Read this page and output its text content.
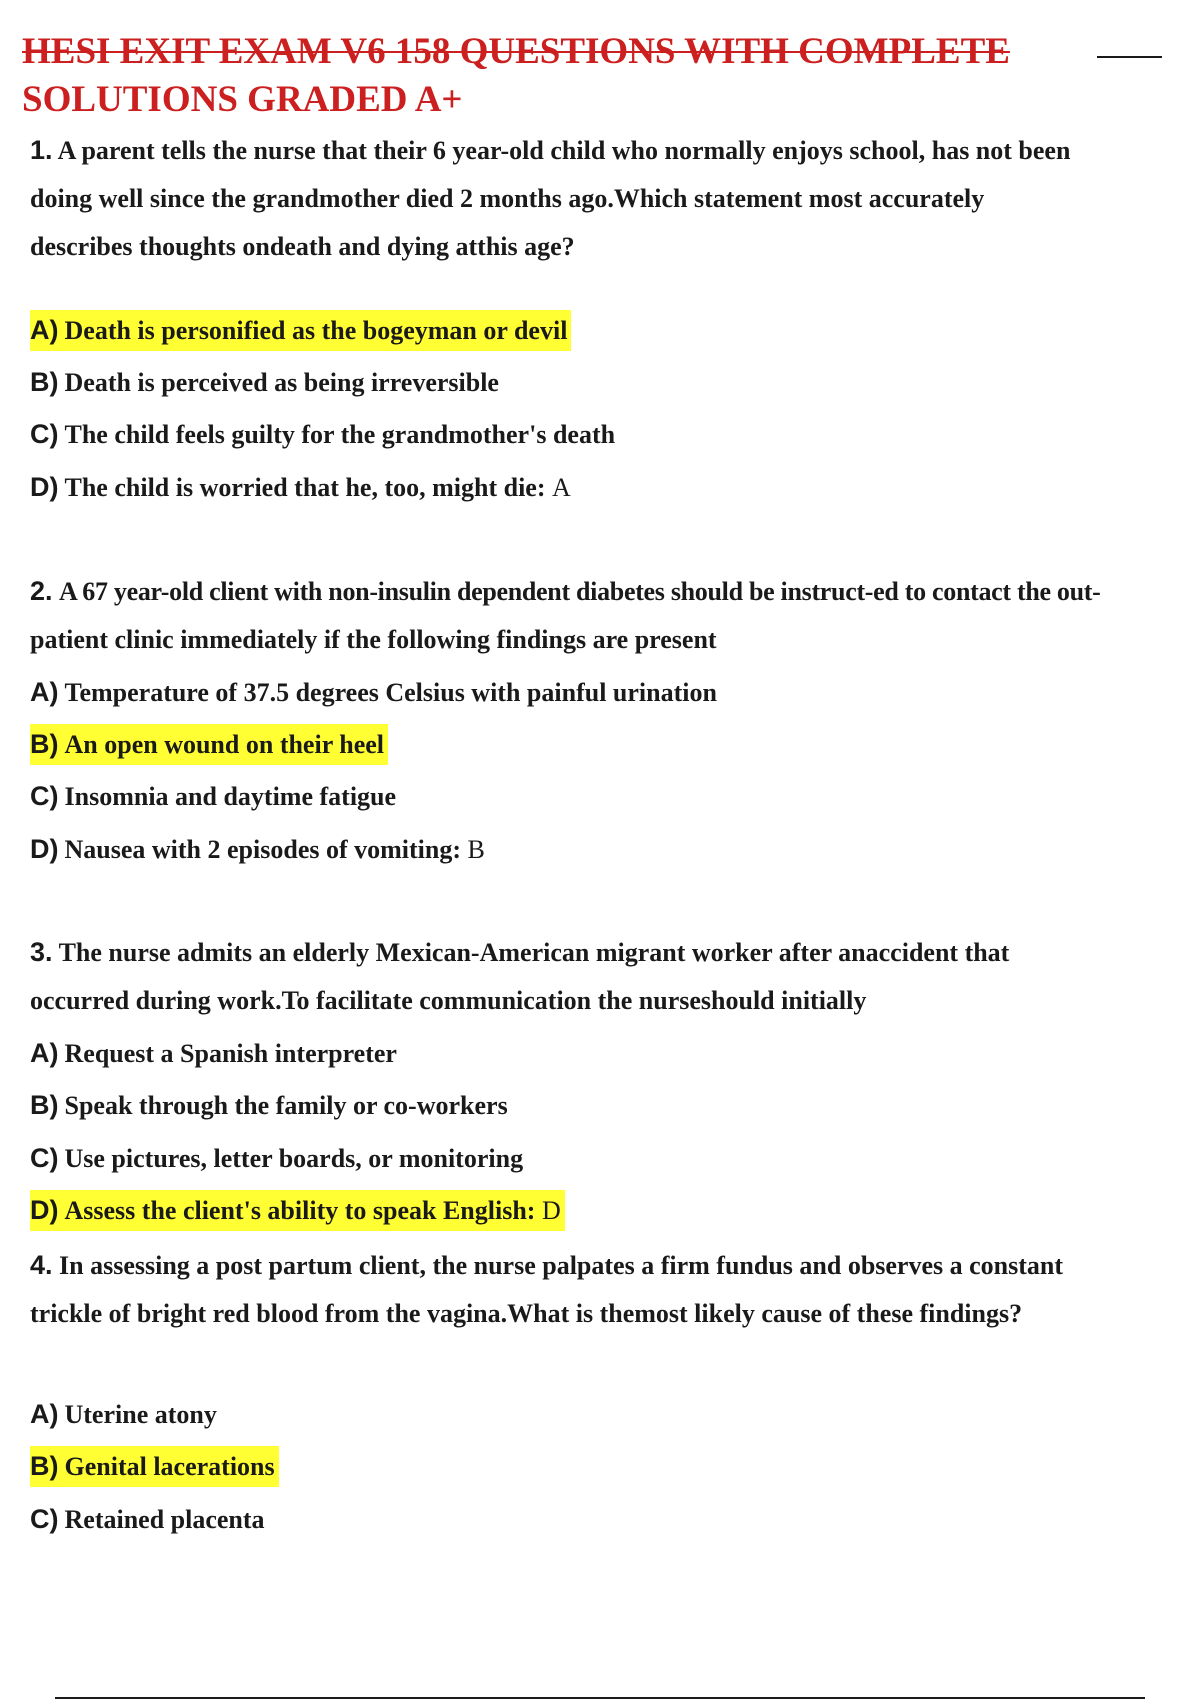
HESI EXIT EXAM V6 158 QUESTIONS WITH COMPLETE
SOLUTIONS GRADED A+
1. A parent tells the nurse that their 6 year-old child who normally enjoys school, has not been
doing well since the grandmother died 2 months ago.Which statement most accurately
describes thoughts ondeath and dying atthis age?
A) Death is personified as the bogeyman or devil
B) Death is perceived as being irreversible
C) The child feels guilty for the grandmother's death
D) The child is worried that he, too, might die: A
2. A 67 year-old client with non-insulin dependent diabetes should be instruct-ed to contact the out-
patient clinic immediately if the following findings are present
A) Temperature of 37.5 degrees Celsius with painful urination
B) An open wound on their heel
C) Insomnia and daytime fatigue
D) Nausea with 2 episodes of vomiting: B
3. The nurse admits an elderly Mexican-American migrant worker after anaccident that
occurred during work.To facilitate communication the nurseshould initially
A) Request a Spanish interpreter
B) Speak through the family or co-workers
C) Use pictures, letter boards, or monitoring
D) Assess the client's ability to speak English: D
4. In assessing a post partum client, the nurse palpates a firm fundus and observes a constant
trickle of bright red blood from the vagina.What is themost likely cause of these findings?
A) Uterine atony
B) Genital lacerations
C) Retained placenta
